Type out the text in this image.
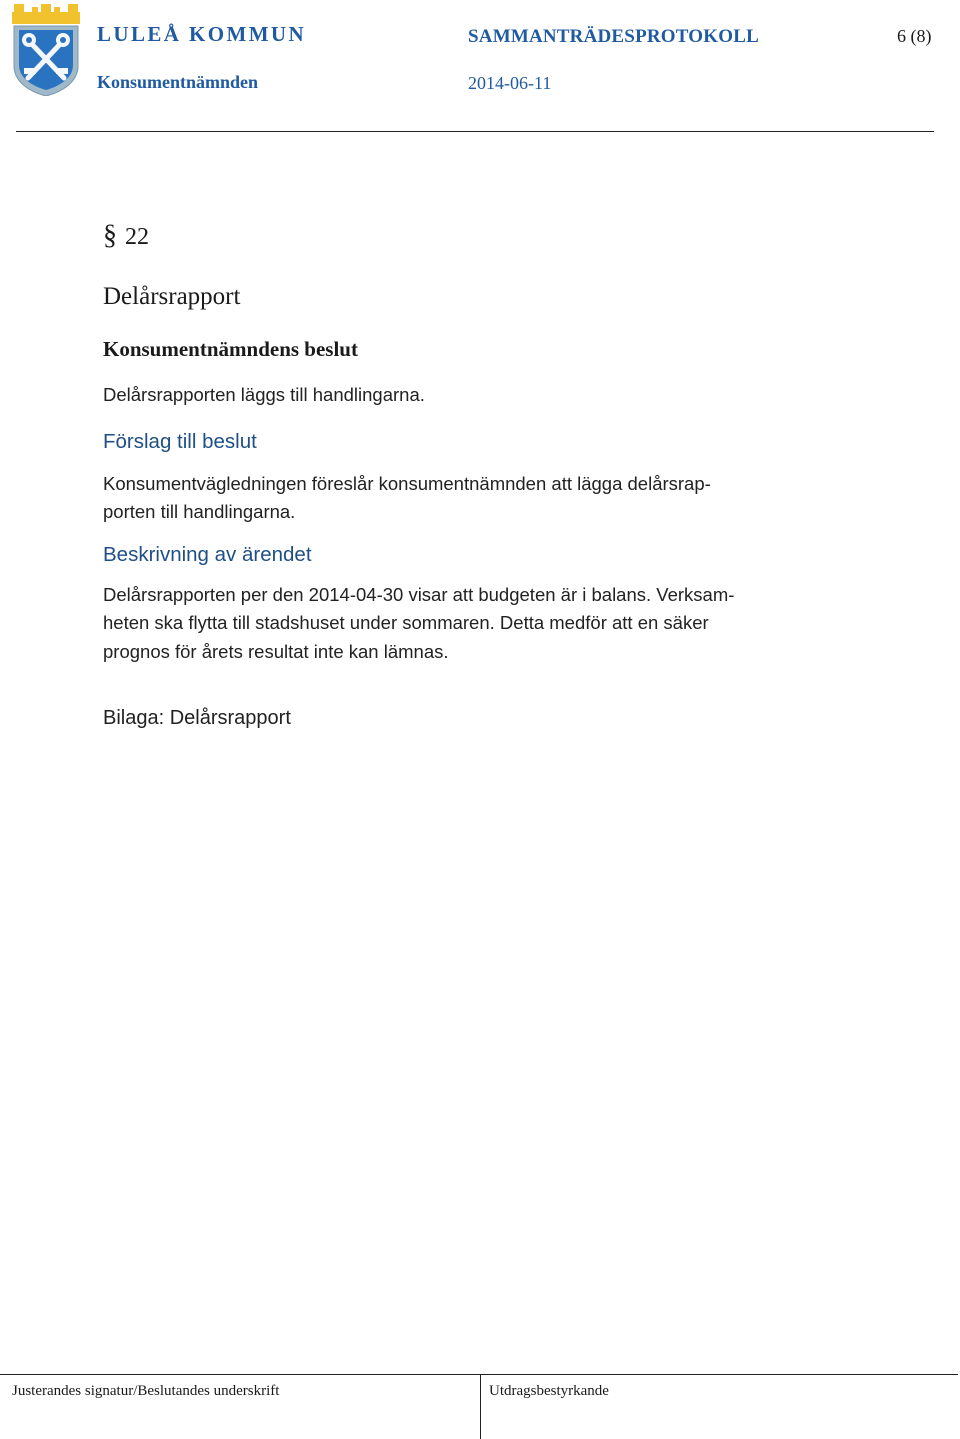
LULEÅ KOMMUN
Konsumentnämnden
SAMMANTRÄDESPROTOKOLL	6 (8)
2014-06-11

§ 22

Delårsrapport

Konsumentnämndens beslut

Delårsrapporten läggs till handlingarna.

Förslag till beslut

Konsumentvägledningen föreslår konsumentnämnden att lägga delårsrap-

porten till handlingarna.

Beskrivning av ärendet

Delårsrapporten per den 2014-04-30 visar att budgeten är i balans. Verksam-

heten ska flytta till stadshuset under sommaren. Detta medför att en säker

prognos för årets resultat inte kan lämnas.

Bilaga: Delårsrapport

Justerandes signatur/Beslutandes underskrift	Utdragsbestyrkande
